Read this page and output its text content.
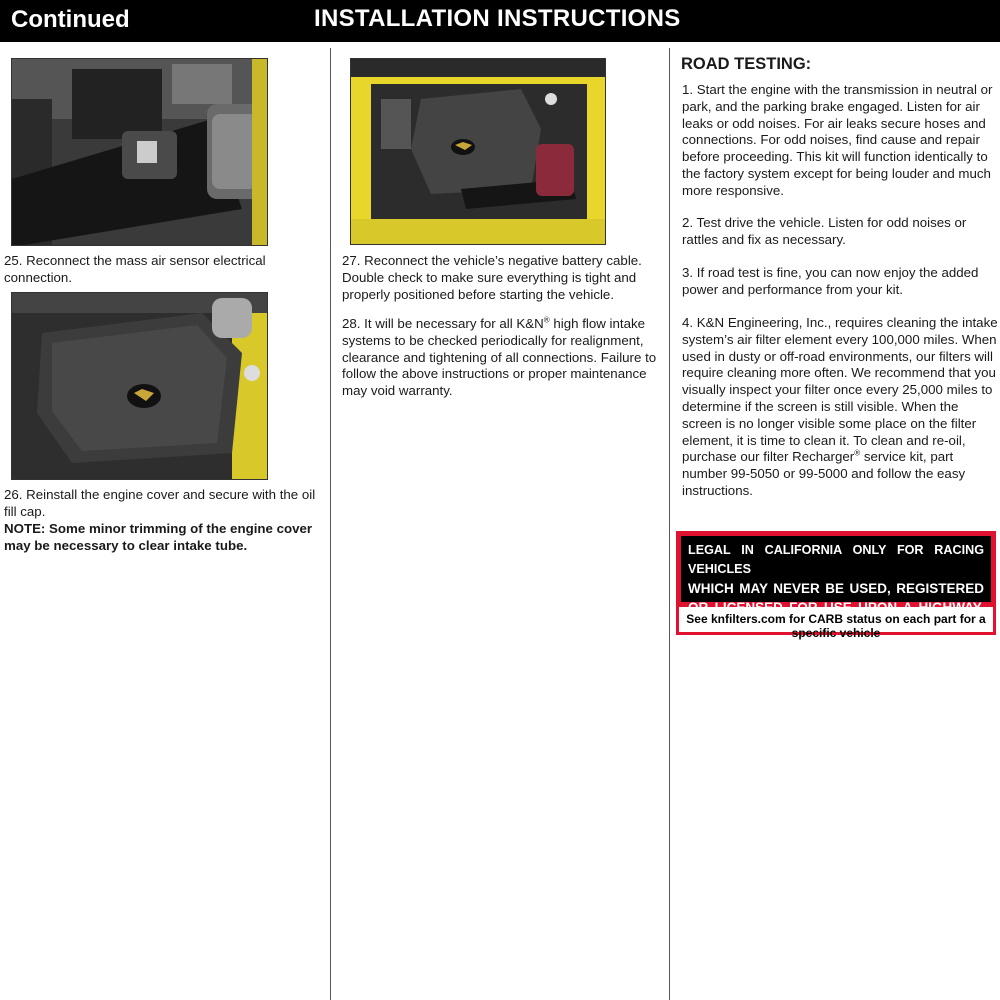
Continued	INSTALLATION INSTRUCTIONS
25. Reconnect the mass air sensor electrical connection.
26. Reinstall the engine cover and secure with the oil fill cap.
NOTE: Some minor trimming of the engine cover may be necessary to clear intake tube.
27. Reconnect the vehicle’s negative battery cable. Double check to make sure everything is tight and properly positioned before starting the vehicle.
28. It will be necessary for all K&N® high flow intake systems to be checked periodically for realignment, clearance and tightening of all connections. Failure to follow the above instructions or proper maintenance may void warranty.
ROAD TESTING:
1. Start the engine with the transmission in neutral or park, and the parking brake engaged. Listen for air leaks or odd noises. For air leaks secure hoses and connections. For odd noises, find cause and repair before proceeding. This kit will function identically to the factory system except for being louder and much more responsive.
2. Test drive the vehicle. Listen for odd noises or rattles and fix as necessary.
3. If road test is fine, you can now enjoy the added power and performance from your kit.
4. K&N Engineering, Inc., requires cleaning the intake system’s air filter element every 100,000 miles. When used in dusty or off-road environments, our filters will require cleaning more often. We recommend that you visually inspect your filter once every 25,000 miles to determine if the screen is still visible. When the screen is no longer visible some place on the filter element, it is time to clean it. To clean and re-oil, purchase our filter Recharger® service kit, part number 99-5050 or 99-5000 and follow the easy instructions.
LEGAL IN CALIFORNIA ONLY FOR RACING VEHICLES
WHICH MAY NEVER BE USED, REGISTERED
See knfilters.com for CARB status on each part for a specific vehicle
